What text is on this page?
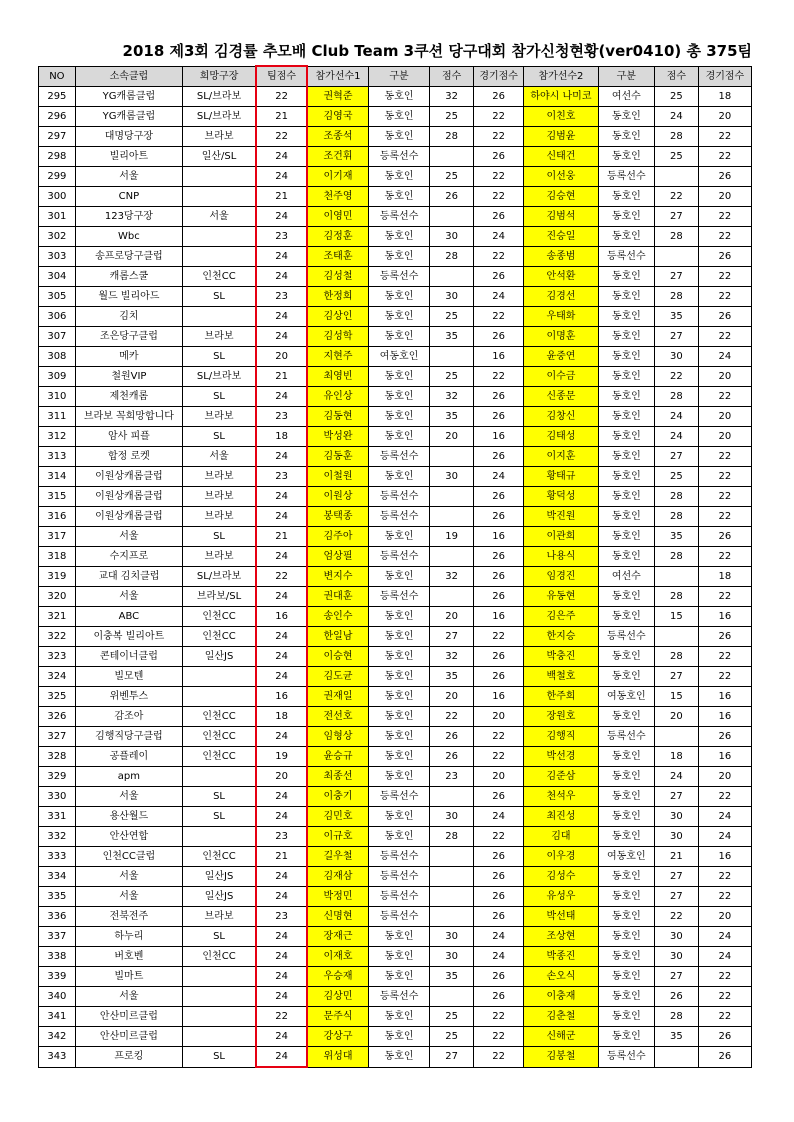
2018 제3회 김경률 추모배 Club Team 3쿠션 당구대회 참가신청현황(ver0410) 총 375팀
NO	소속클럽	희망구장	팀점수	참가선수1	구분	점수	경기점수	참가선수2	구분	점수	경기점수
295	YG캐롬클럽	SL/브라보	22	권혁준	동호인	32	26	하야시 나미코	여선수	25	18
296	YG캐롬클럽	SL/브라보	21	김영국	동호인	25	22	이친호	동호인	24	20
297	대명당구장	브라보	22	조종석	동호인	28	22	김범윤	동호인	28	22
298	빌리아트	일산/SL	24	조건휘	등록선수		26	신태건	동호인	25	22
299	서울		24	이기재	동호인	25	22	이선웅	등록선수		26
300	CNP		21	천주영	동호인	26	22	김승현	동호인	22	20
301	123당구장	서울	24	이영민	등록선수		26	김범석	동호인	27	22
302	Wbc		23	김정훈	동호인	30	24	진승일	동호인	28	22
303	송프로당구클럽		24	조태훈	동호인	28	22	송종범	등록선수		26
304	캐롬스쿨	인천CC	24	김성철	등록선수		26	안석환	동호인	27	22
305	월드 빌리아드	SL	23	한정희	동호인	30	24	김경선	동호인	28	22
306	김치		24	김상인	동호인	25	22	우태화	동호인	35	26
307	조은당구클럽	브라보	24	김성학	동호인	35	26	이명훈	동호인	27	22
308	메카	SL	20	지현주	여동호인		16	윤중연	동호인	30	24
309	철원VIP	SL/브라보	21	최영빈	동호인	25	22	이수금	동호인	22	20
310	제천캐롬	SL	24	유인상	동호인	32	26	신종문	동호인	28	22
311	브라보 꼭희망합니다	브라보	23	김동현	동호인	35	26	김창신	동호인	24	20
312	암사 피플	SL	18	박성완	동호인	20	16	김태성	동호인	24	20
313	합정 로켓	서울	24	김동훈	등록선수		26	이지훈	동호인	27	22
314	이원상캐롬클럽	브라보	23	이철원	동호인	30	24	황태규	동호인	25	22
315	이원상캐롬클럽	브라보	24	이원상	등록선수		26	황덕성	동호인	28	22
316	이원상캐롬클럽	브라보	24	봉택종	등록선수		26	박진원	동호인	28	22
317	서울	SL	21	김주아	동호인	19	16	이관희	동호인	35	26
318	수지프로	브라보	24	엄상필	등록선수		26	나용식	동호인	28	22
319	교대 김치클럽	SL/브라보	22	변지수	동호인	32	26	임경진	여선수		18
320	서울	브라보/SL	24	권대훈	등록선수		26	유동현	동호인	28	22
321	ABC	인천CC	16	송인수	동호인	20	16	김은주	동호인	15	16
322	이충복 빌리아트	인천CC	24	한일남	동호인	27	22	한지승	등록선수		26
323	콘테이너클럽	일산JS	24	이승현	동호인	32	26	박충진	동호인	28	22
324	빌모텐		24	김도균	동호인	35	26	백철호	동호인	27	22
325	위벤투스		16	권재일	동호인	20	16	한주희	여동호인	15	16
326	감조아	인천CC	18	전선호	동호인	22	20	장원호	동호인	20	16
327	김행직당구클럽	인천CC	24	임형상	동호인	26	22	김행직	등록선수		26
328	공플레이	인천CC	19	윤승규	동호인	26	22	박선경	동호인	18	16
329	apm		20	최종선	동호인	23	20	김준삼	동호인	24	20
330	서울	SL	24	이충기	등록선수		26	천석우	동호인	27	22
331	용산월드	SL	24	김민호	동호인	30	24	최진성	동호인	30	24
332	안산연합		23	이규호	동호인	28	22	김대	동호인	30	24
333	인천CC클럽	인천CC	21	길우철	등록선수		26	이우경	여동호인	21	16
334	서울	일산JS	24	김재삼	등록선수		26	김성수	동호인	27	22
335	서울	일산JS	24	박정민	등록선수		26	유성우	동호인	27	22
336	전북전주	브라보	23	신명현	등록선수		26	박선태	동호인	22	20
337	하누리	SL	24	장재근	동호인	30	24	조상현	동호인	30	24
338	버호벤	인천CC	24	이재호	동호인	30	24	박종진	동호인	30	24
339	빌마트		24	우승재	동호인	35	26	손오식	동호인	27	22
340	서울		24	김상민	등록선수		26	이충재	동호인	26	22
341	안산미르클럽		22	문주식	동호인	25	22	김춘철	동호인	28	22
342	안산미르클럽		24	강상구	동호인	25	22	신해군	동호인	35	26
343	프로킹	SL	24	위성대	동호인	27	22	김봉철	등록선수		26
